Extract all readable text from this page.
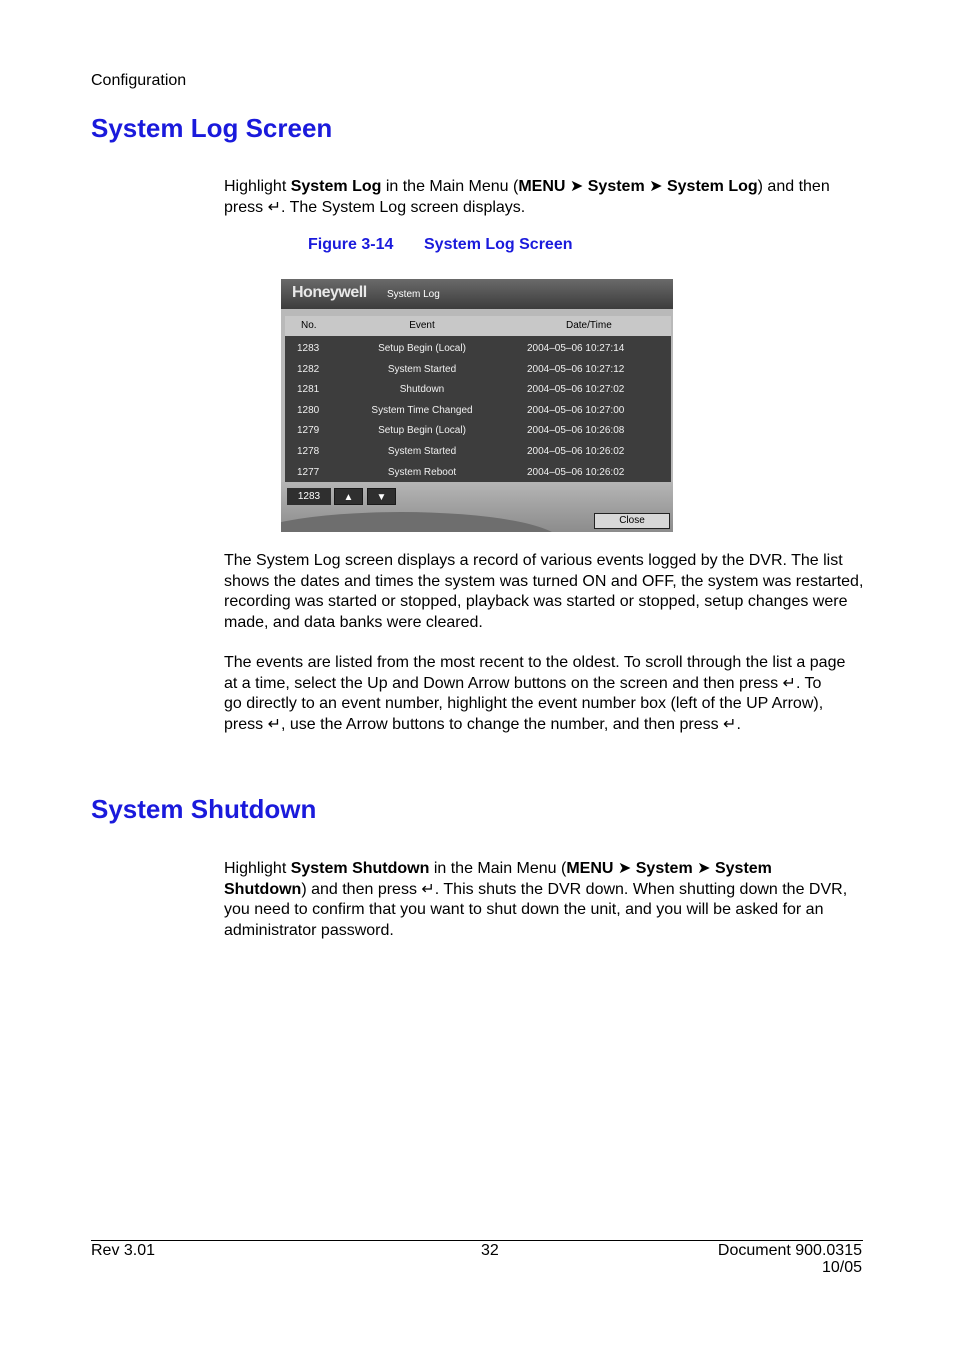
Configuration
System Log Screen
Highlight System Log in the Main Menu (MENU ➤ System ➤ System Log) and then
press ↵. The System Log screen displays.
Figure 3-14 System Log Screen
Honeywell System Log
No.	Event	Date/Time
1283	Setup Begin (Local)	2004–05–06 10:27:14
1282	System Started	2004–05–06 10:27:12
1281	Shutdown	2004–05–06 10:27:02
1280	System Time Changed	2004–05–06 10:27:00
1279	Setup Begin (Local)	2004–05–06 10:26:08
1278	System Started	2004–05–06 10:26:02
1277	System Reboot	2004–05–06 10:26:02
1283	▲	▼
Close
The System Log screen displays a record of various events logged by the DVR. The list shows the dates and times the system was turned ON and OFF, the system was restarted, recording was started or stopped, playback was started or stopped, setup changes were made, and data banks were cleared.
The events are listed from the most recent to the oldest. To scroll through the list a page
at a time, select the Up and Down Arrow buttons on the screen and then press ↵. To
go directly to an event number, highlight the event number box (left of the UP Arrow),
press ↵, use the Arrow buttons to change the number, and then press ↵.
System Shutdown
Highlight System Shutdown in the Main Menu (MENU ➤ System ➤ System
Shutdown) and then press ↵. This shuts the DVR down. When shutting down the DVR,
you need to confirm that you want to shut down the unit, and you will be asked for an
administrator password.
Rev 3.01	32	Document 900.0315
10/05
